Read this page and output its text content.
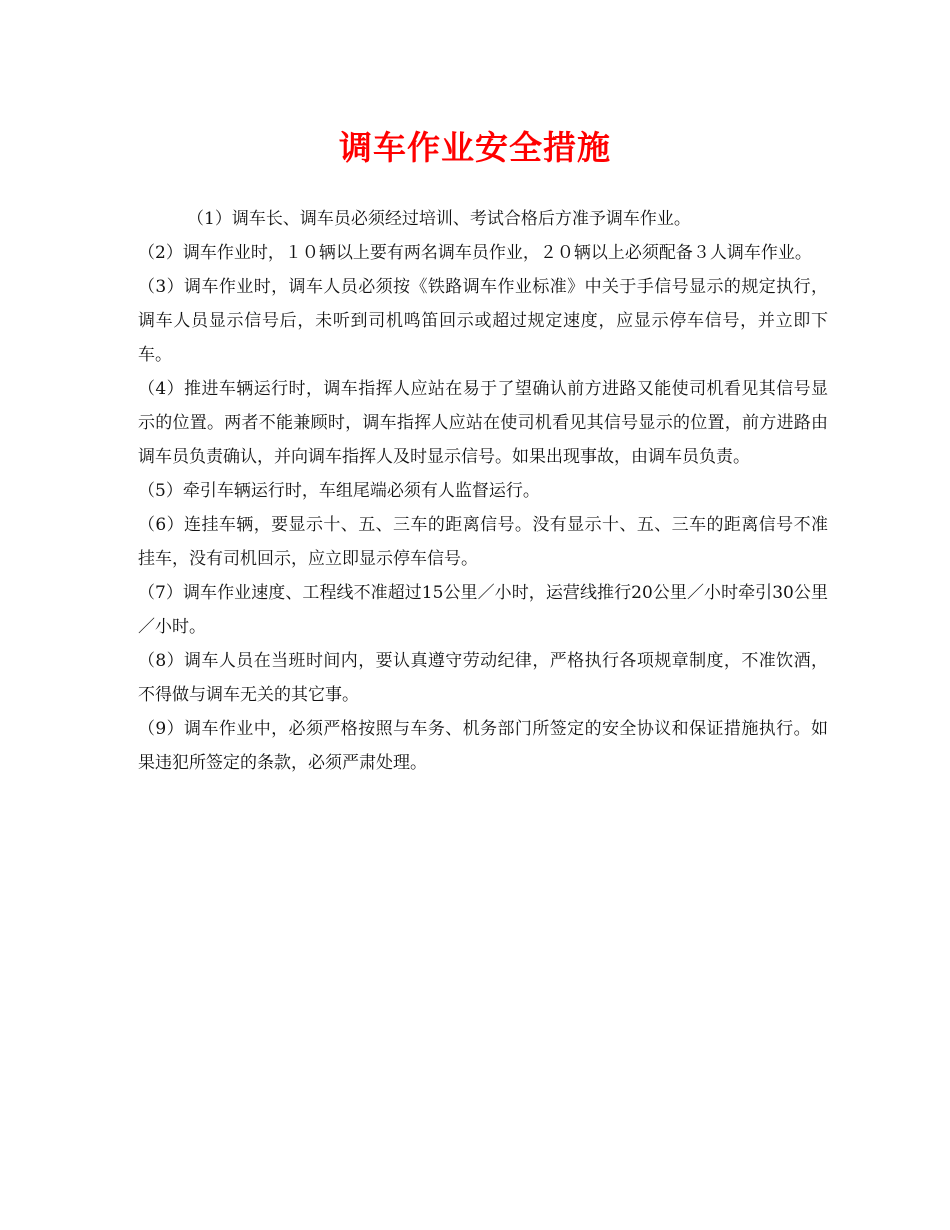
调车作业安全措施

（1）调车长、调车员必须经过培训、考试合格后方准予调车作业。

（2）调车作业时，１０辆以上要有两名调车员作业，２０辆以上必须配备３人调车作业。

（3）调车作业时，调车人员必须按《铁路调车作业标准》中关于手信号显示的规定执行，调车人员显示信号后，未听到司机鸣笛回示或超过规定速度，应显示停车信号，并立即下车。

（4）推进车辆运行时，调车指挥人应站在易于了望确认前方进路又能使司机看见其信号显示的位置。两者不能兼顾时，调车指挥人应站在使司机看见其信号显示的位置，前方进路由调车员负责确认，并向调车指挥人及时显示信号。如果出现事故，由调车员负责。

（5）牵引车辆运行时，车组尾端必须有人监督运行。

（6）连挂车辆，要显示十、五、三车的距离信号。没有显示十、五、三车的距离信号不准挂车，没有司机回示，应立即显示停车信号。

（7）调车作业速度、工程线不准超过15公里／小时，运营线推行20公里／小时牵引30公里／小时。

（8）调车人员在当班时间内，要认真遵守劳动纪律，严格执行各项规章制度，不准饮酒，不得做与调车无关的其它事。

（9）调车作业中，必须严格按照与车务、机务部门所签定的安全协议和保证措施执行。如果违犯所签定的条款，必须严肃处理。
